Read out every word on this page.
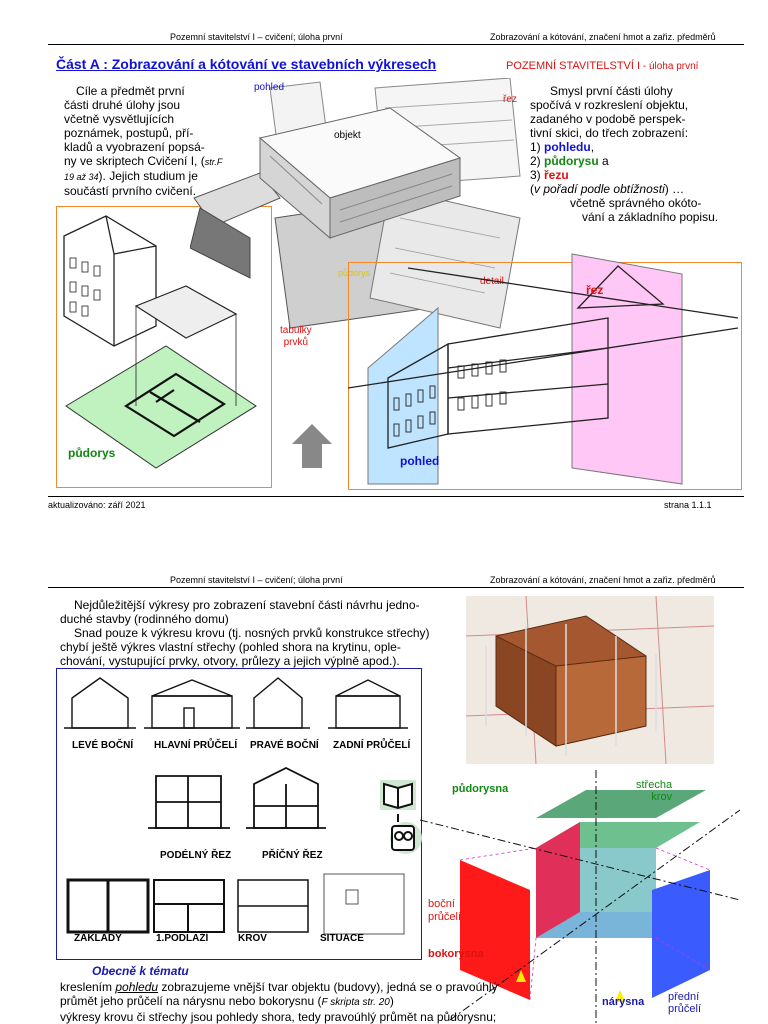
Pozemní stavitelství I – cvičení; úloha první	Zobrazování a kótování, značení hmot a zařiz. předměrů
Část A : Zobrazování a kótování ve stavebních výkresech	POZEMNÍ STAVITELSTVÍ I - úloha první
Cíle a předmět první
části druhé úlohy jsou
včetně vysvětlujících
poznámek, postupů, pří-
kladů a vyobrazení popsá-
ny ve skriptech Cvičení I, (str.F
19 až 34). Jejich studium je
součástí prvního cvičení.
Smysl první části úlohy
spočívá v rozkreslení objektu,
zadaného v podobě perspek-
tivní skici, do třech zobrazení:
1) pohledu,
2) půdorysu a
3) řezu
(v pořadí podle obtížnosti) …
včetně správného okóto-
vání a základního popisu.
půdorys
pohled
řez
objekt
půdorys
detail
tabulky
prvků
řez
pohled
aktualizováno: září 2021	strana 1.1.1
Pozemní stavitelství I – cvičení; úloha první	Zobrazování a kótování, značení hmot a zařiz. předměrů
Nejdůležitější výkresy pro zobrazení stavební části návrhu jedno-
duché stavby (rodinného domu)
Snad pouze k výkresu krovu (tj. nosných prvků konstrukce střechy)
chybí ještě výkres vlastní střechy (pohled shora na krytinu, ople-
chování, vystupující prvky, otvory, průlezy a jejich výplně apod.).
LEVÉ BOČNÍ HLAVNÍ PRŮČELÍ PRAVÉ BOČNÍ ZADNÍ PRŮČELÍ
PODÉLNÝ ŘEZ	PŘÍČNÝ ŘEZ
ZÁKLADY	1.PODLAŽÍ	KROV	SITUACE
půdorysna	střecha
krov
boční
průčelí
bokorysna
nárysna přední
průčelí
Obecně k tématu
kreslením pohledu zobrazujeme vnější tvar objektu (budovy), jedná se o pravoúhlý
průmět jeho průčelí na nárysnu nebo bokorysnu (F skripta str. 20)
výkresy krovu či střechy jsou pohledy shora, tedy pravoúhlý průmět na půdorysnu;
